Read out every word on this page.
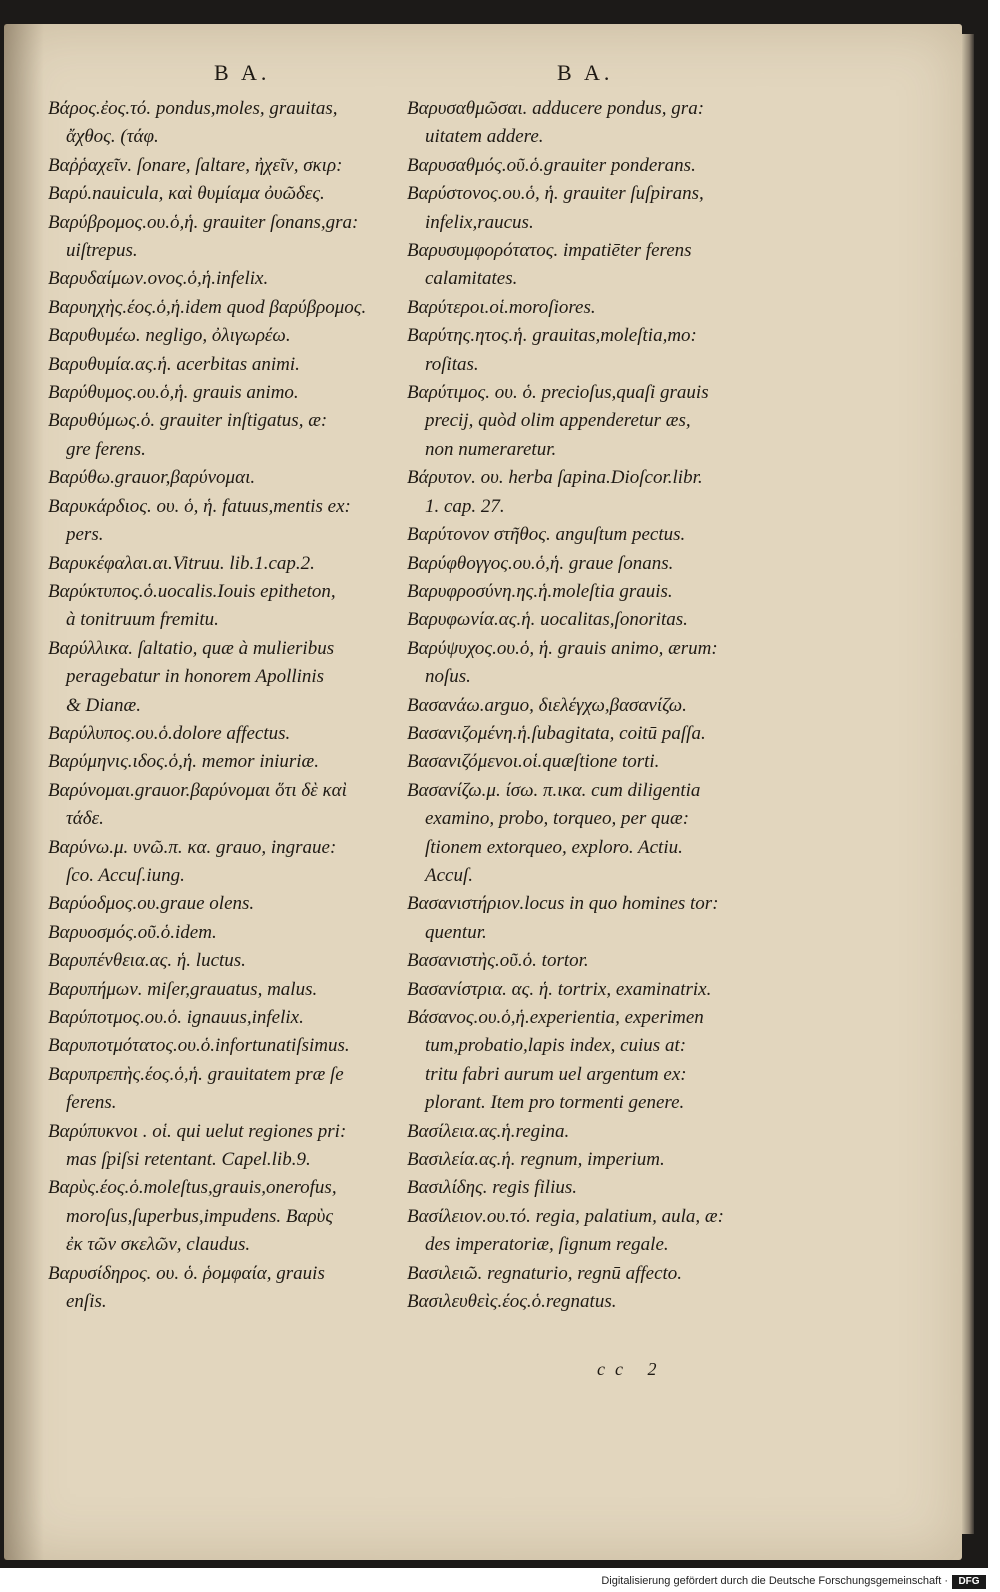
B A.	B A.
Βάρος.ἐος.τό. pondus,moles, grauitas,
ἄχθος. (τάφ.
Βαῤῥαχεῖν. ſonare, ſaltare, ἠχεῖν, σκιρ:
Βαρύ.nauicula, καὶ θυμίαμα ὀυῶδες.
Βαρύβρομος.ου.ὁ,ἡ. grauiter ſonans,gra:
uiſtrepus.
Βαρυδαίμων.ονος.ὁ,ἡ.infelix.
Βαρυηχὴς.έος.ὁ,ἡ.idem quod βαρύβρομος.
Βαρυθυμέω. negligo, ὀλιγωρέω.
Βαρυθυμία.ας.ἡ. acerbitas animi.
Βαρύθυμος.ου.ὁ,ἡ. grauis animo.
Βαρυθύμως.ὁ. grauiter inſtigatus, æ:
gre ferens.
Βαρύθω.grauor,βαρύνομαι.
Βαρυκάρδιος. ου. ὁ, ἡ. fatuus,mentis ex:
pers.
Βαρυκέφαλαι.αι.Vitruu. lib.1.cap.2.
Βαρύκτυπος.ὁ.uocalis.Iouis epitheton,
à tonitruum fremitu.
Βαρύλλικα. ſaltatio, quæ à mulieribus
peragebatur in honorem Apollinis
& Dianæ.
Βαρύλυπος.ου.ὁ.dolore affectus.
Βαρύμηνις.ιδος.ὁ,ἡ. memor iniuriæ.
Βαρύνομαι.grauor.βαρύνομαι ὅτι δὲ καὶ
τάδε.
Βαρύνω.μ. υνῶ.π. κα. grauo, ingraue:
ſco. Accuſ.iung.
Βαρύοδμος.ου.graue olens.
Βαρυοσμός.οῦ.ὁ.idem.
Βαρυπένθεια.ας. ἡ. luctus.
Βαρυπήμων. miſer,grauatus, malus.
Βαρύποτμος.ου.ὁ. ignauus,infelix.
Βαρυποτμότατος.ου.ὁ.infortunatiſsimus.
Βαρυπρεπὴς.έος.ὁ,ἡ. grauitatem præ ſe
ferens.
Βαρύπυκνοι . οἱ. qui uelut regiones pri:
mas ſpiſsi retentant. Capel.lib.9.
Βαρὺς.έος.ὁ.moleſtus,grauis,onerofus,
moroſus,ſuperbus,impudens. Βαρὺς
ἐκ τῶν σκελῶν, claudus.
Βαρυσίδηρος. ου. ὁ. ῥομφαία, grauis
enſis.
Βαρυσαθμῶσαι. adducere pondus, gra:
uitatem addere.
Βαρυσαθμός.οῦ.ὁ.grauiter ponderans.
Βαρύστονος.ου.ὁ, ἡ. grauiter ſuſpirans,
infelix,raucus.
Βαρυσυμφορότατος. impatiēter ferens
calamitates.
Βαρύτεροι.οἱ.moroſiores.
Βαρύτης.ητος.ἡ. grauitas,moleſtia,mo:
roſitas.
Βαρύτιμος. ου. ὁ. precioſus,quaſi grauis
precij, quòd olim appenderetur æs,
non numeraretur.
Βάρυτον. ου. herba ſapina.Dioſcor.libr.
1. cap. 27.
Βαρύτονον στῆθος. anguſtum pectus.
Βαρύφθογγος.ου.ὁ,ἡ. graue ſonans.
Βαρυφροσύνη.ης.ἡ.moleſtia grauis.
Βαρυφωνία.ας.ἡ. uocalitas,ſonoritas.
Βαρύψυχος.ου.ὁ, ἡ. grauis animo, ærum:
noſus.
Βασανάω.arguo, διελέγχω,βασανίζω.
Βασανιζομένη.ἡ.ſubagitata, coitū paſſa.
Βασανιζόμενοι.οἱ.quæſtione torti.
Βασανίζω.μ. ίσω. π.ικα. cum diligentia
examino, probo, torqueo, per quæ:
ſtionem extorqueo, exploro. Actiu.
Accuſ.
Βασανιστήριον.locus in quo homines tor:
quentur.
Βασανιστὴς.οῦ.ὁ. tortor.
Βασανίστρια. ας. ἡ. tortrix, examinatrix.
Βάσανος.ου.ὁ,ἡ.experientia, experimen
tum,probatio,lapis index, cuius at:
tritu fabri aurum uel argentum ex:
plorant. Item pro tormenti genere.
Βασίλεια.ας.ἡ.regina.
Βασιλεία.ας.ἡ. regnum, imperium.
Βασιλίδης. regis filius.
Βασίλειον.ου.τό. regia, palatium, aula, æ:
des imperatoriæ, ſignum regale.
Βασιλειῶ. regnaturio, regnū affecto.
Βασιλευθεὶς.έος.ὁ.regnatus.
cc 2
Digitalisierung gefördert durch die Deutsche Forschungsgemeinschaft ·	DFG
